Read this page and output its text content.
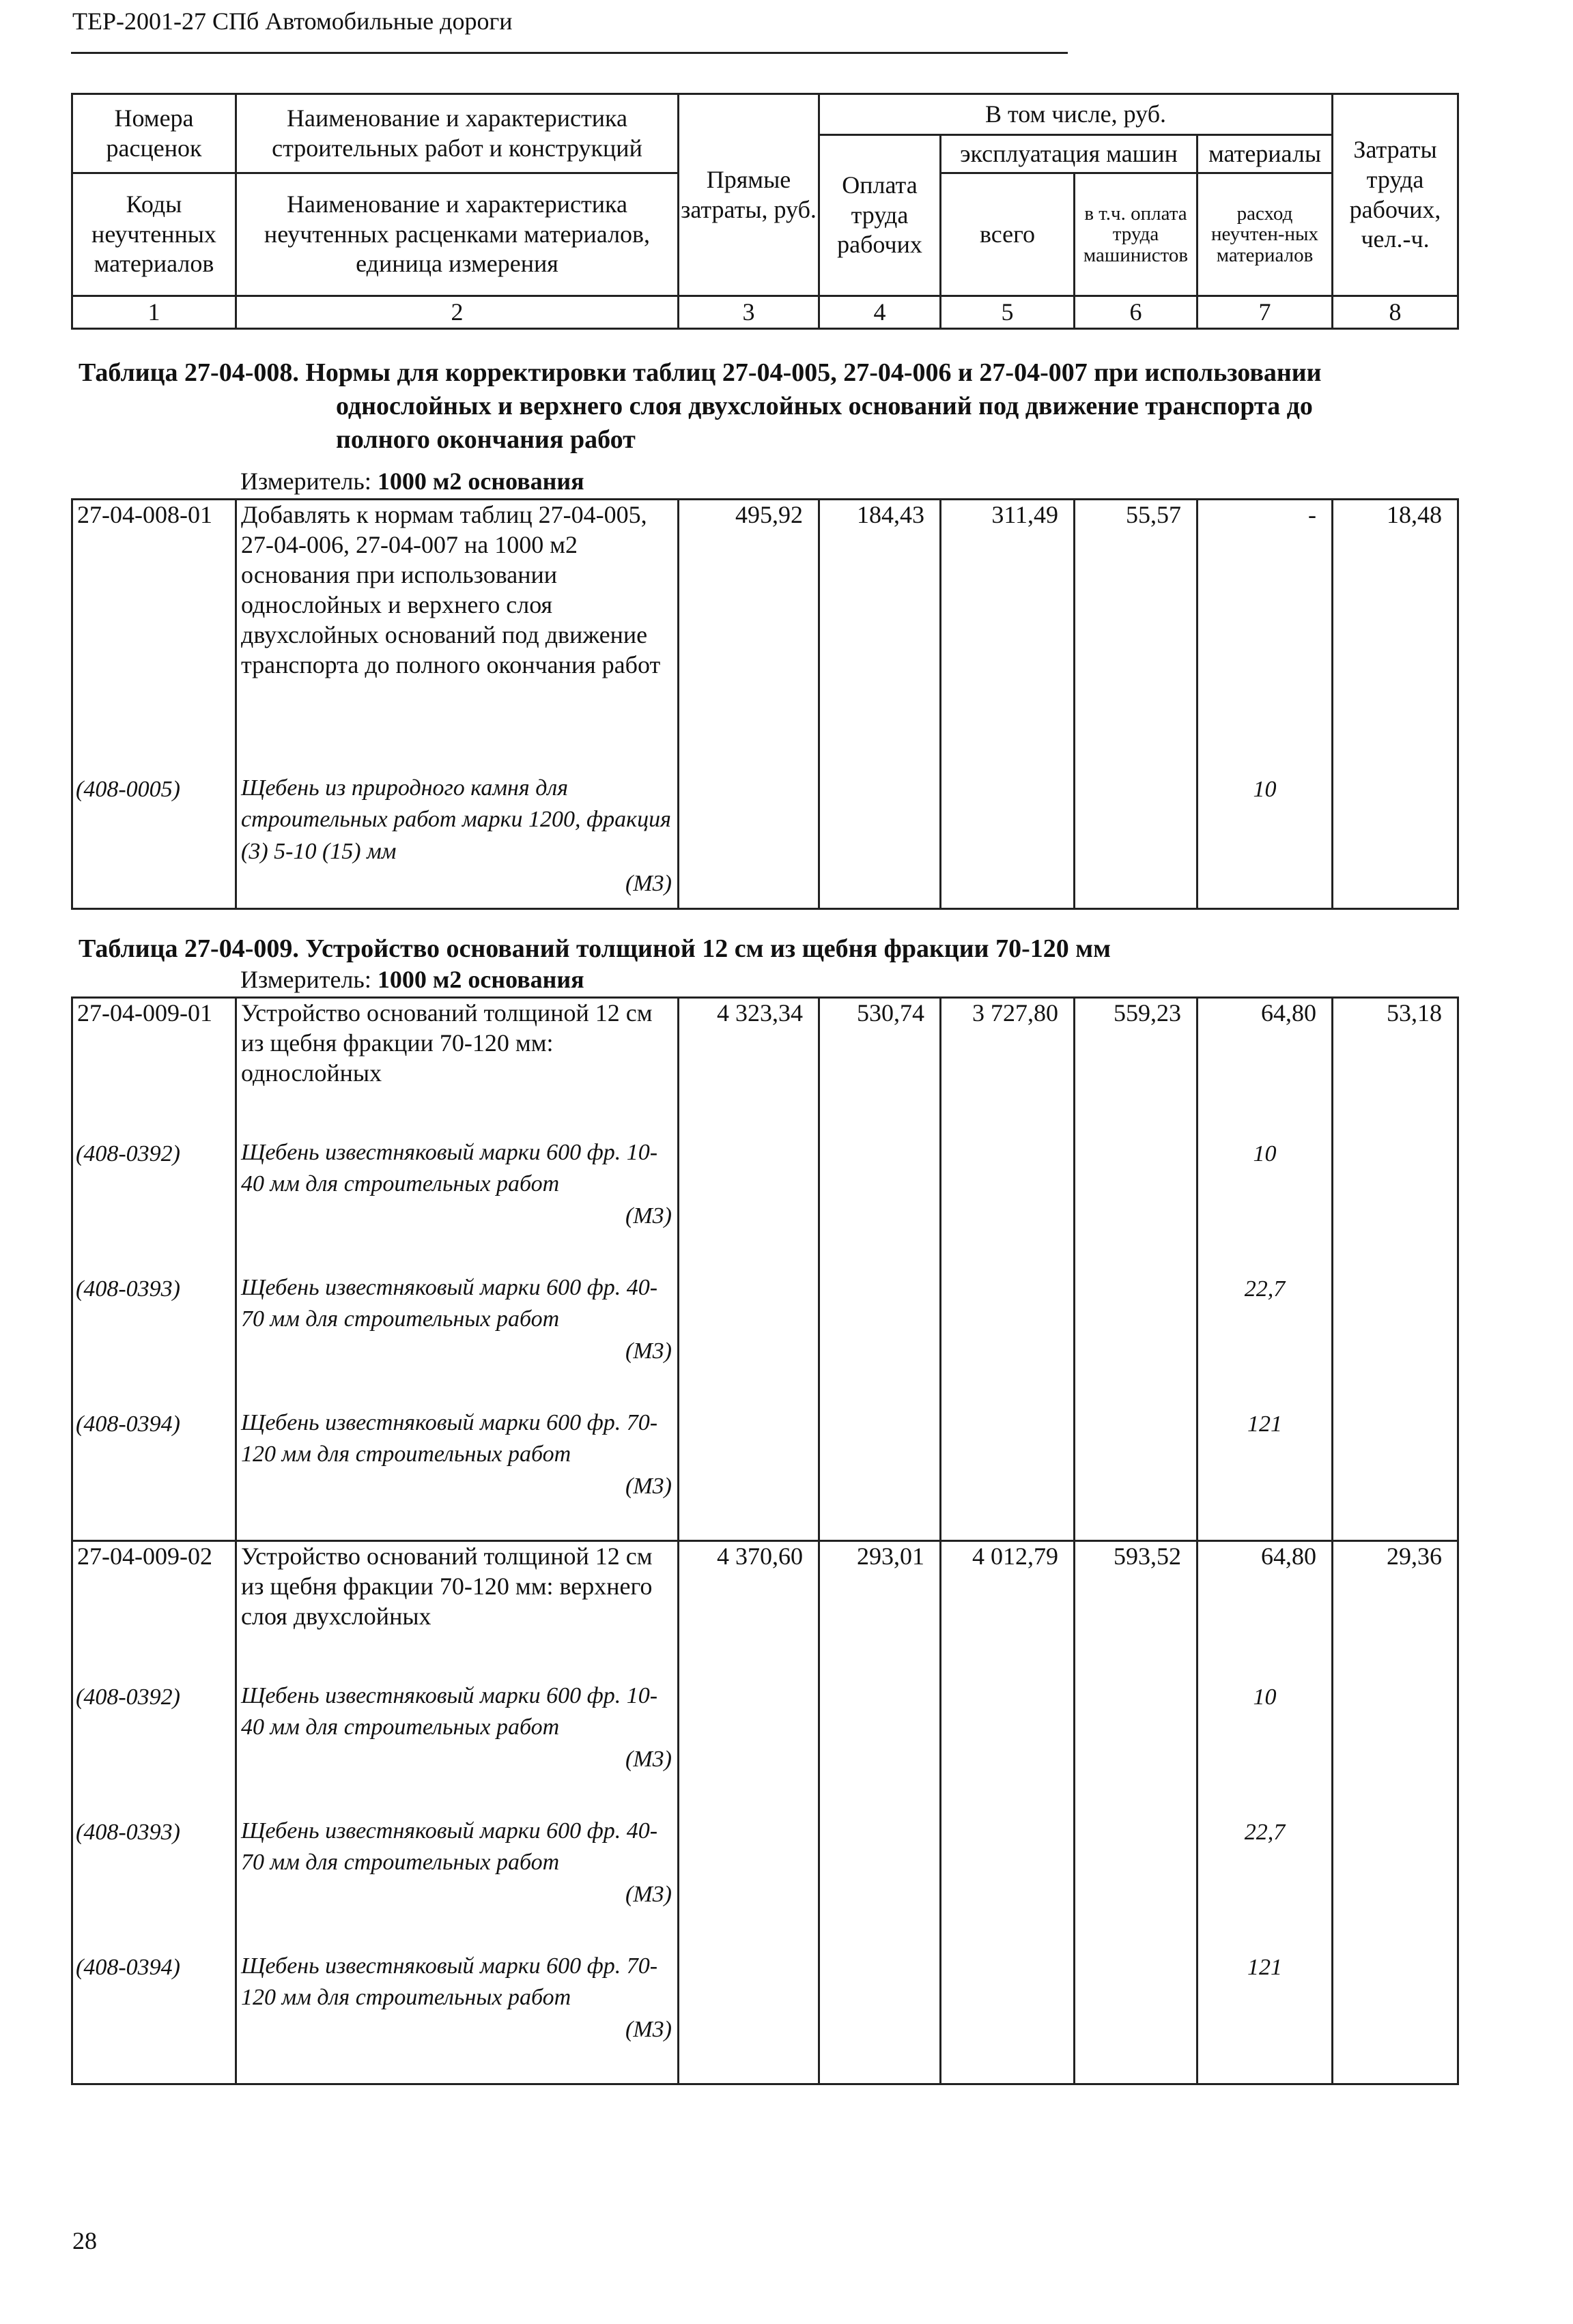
ТЕР-2001-27 СПб Автомобильные дороги
Номера расценок	Наименование и характеристика строительных работ и конструкций	Прямые затраты, руб.	В том числе, руб.				Затраты труда рабочих, чел.-ч.
			Оплата труда рабочих	эксплуатация машин		материалы	
Коды неучтенных материалов	Наименование и характеристика неучтенных расценками материалов, единица измерения			всего	в т.ч. оплата труда машинистов	расход неучтен-ных материалов	

1	2	3	4	5	6	7	8
Таблица 27-04-008. Нормы для корректировки таблиц 27-04-005, 27-04-006 и 27-04-007 при использовании
однослойных и верхнего слоя двухслойных оснований под движение транспорта до
полного окончания работ
Измеритель: 1000 м2 основания
27-04-008-01	Добавлять к нормам таблиц 27-04-005, 27-04-006, 27-04-007 на 1000 м2 основания при использовании однослойных и верхнего слоя двухслойных оснований под движение транспорта до полного окончания работ	495,92	184,43	311,49	55,57	-	18,48
(408-0005)	Щебень из природного камня для строительных работ марки 1200, фракция (3) 5-10 (15) мм
(М3)					10	
Таблица 27-04-009. Устройство оснований толщиной 12 см из щебня фракции 70-120 мм
Измеритель: 1000 м2 основания
27-04-009-01	Устройство оснований толщиной 12 см из щебня фракции 70-120 мм: однослойных	4 323,34	530,74	3 727,80	559,23	64,80	53,18
(408-0392)	Щебень известняковый марки 600 фр. 10-40 мм для строительных работ
(М3)					10	
(408-0393)	Щебень известняковый марки 600 фр. 40-70 мм для строительных работ
(М3)					22,7	
(408-0394)	Щебень известняковый марки 600 фр. 70-120 мм для строительных работ
(М3)					121	
27-04-009-02	Устройство оснований толщиной 12 см из щебня фракции 70-120 мм: верхнего слоя двухслойных	4 370,60	293,01	4 012,79	593,52	64,80	29,36
(408-0392)	Щебень известняковый марки 600 фр. 10-40 мм для строительных работ
(М3)					10	
(408-0393)	Щебень известняковый марки 600 фр. 40-70 мм для строительных работ
(М3)					22,7	
(408-0394)	Щебень известняковый марки 600 фр. 70-120 мм для строительных работ
(М3)					121	
28
